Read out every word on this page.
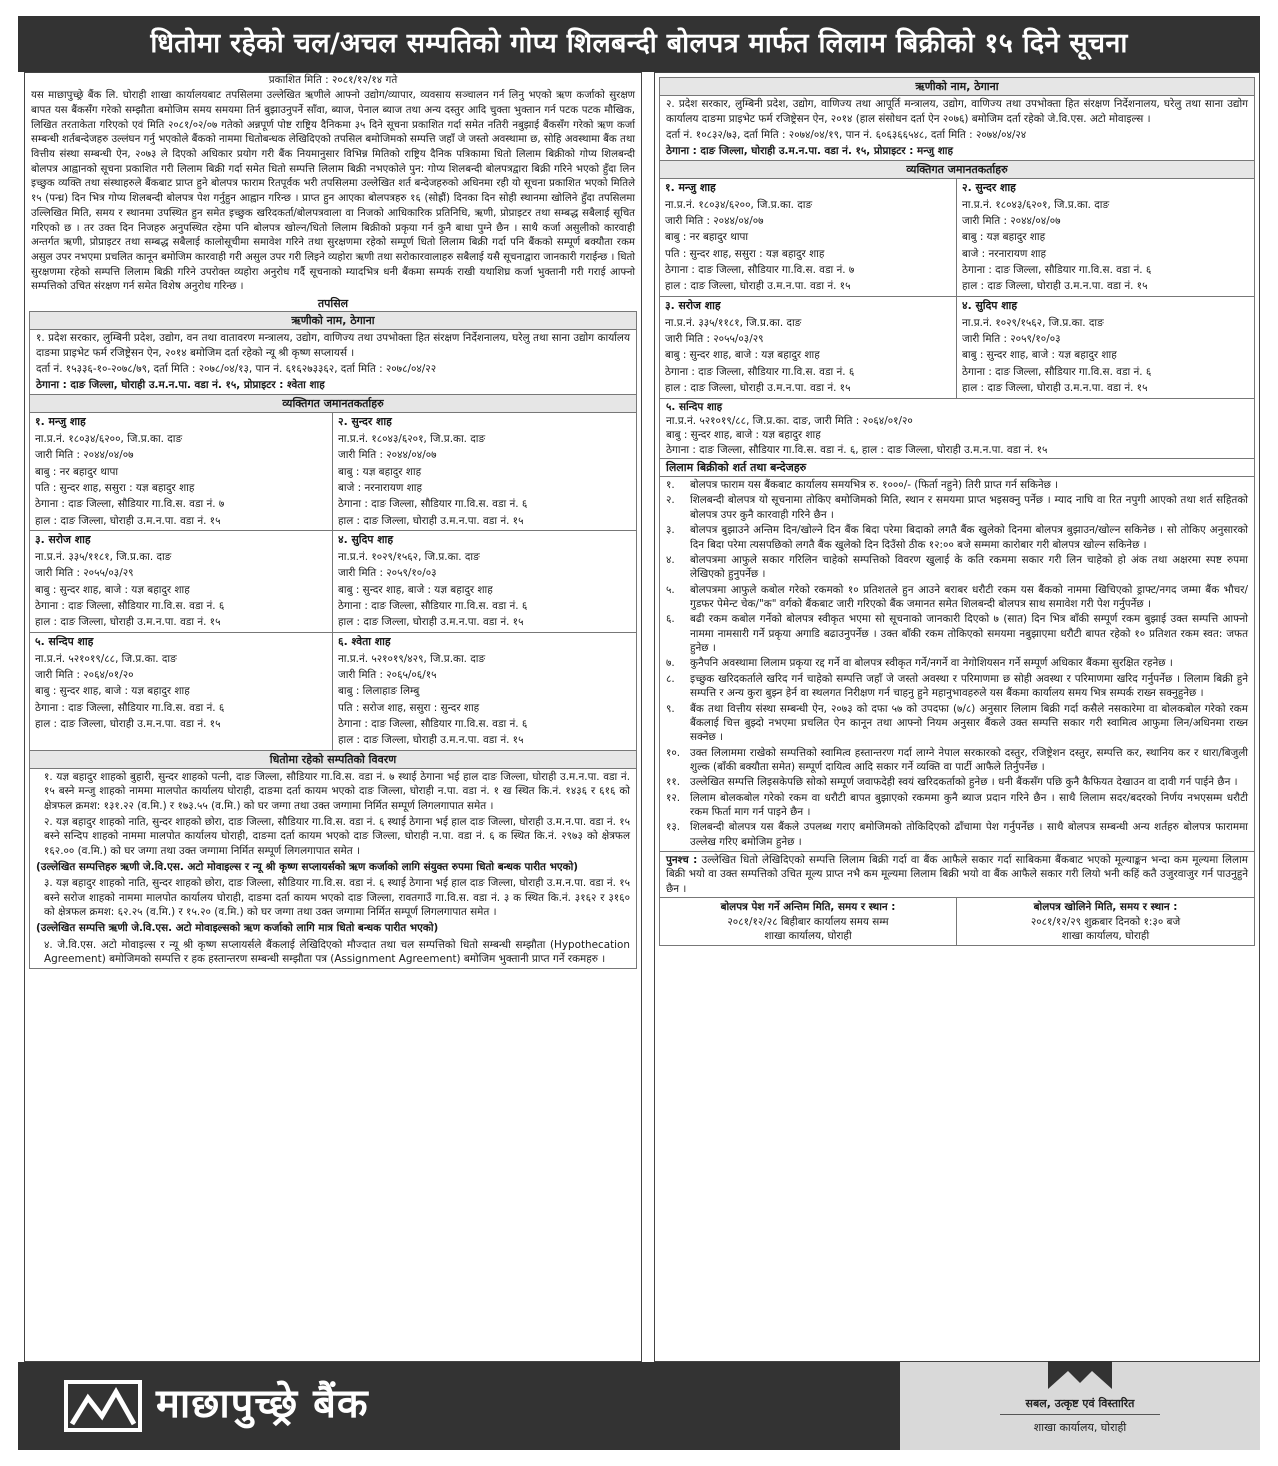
धितोमा रहेको चल/अचल सम्पतिको गोप्य शिलबन्दी बोलपत्र मार्फत लिलाम बिक्रीको १५ दिने सूचना
प्रकाशित मिति : २०८१/१२/१४ गते
यस माछापुच्छ्रे बैंक लि. घोराही शाखा कार्यालयबाट तपसिलमा उल्लेखित ऋणीले आफ्नो उद्योग/व्यापार, व्यवसाय सञ्चालन गर्न लिनु भएको ऋण कर्जाको सुरक्षण बापत यस बैंकसँग गरेको सम्झौता बमोजिम समय समयमा तिर्न बुझाउनुपर्ने साँवा, ब्याज, पेनाल ब्याज तथा अन्य दस्तुर आदि चुक्ता भुक्तान गर्न पटक पटक मौखिक, लिखित तरताकेता गरिएको एवं मिति २०८१/०२/०७ गतेको अन्नपूर्ण पोष्ट राष्ट्रिय दैनिकमा ३५ दिने सूचना प्रकाशित गर्दा समेत नतिरी नबुझाई बैंकसँग गरेको ऋण कर्जा सम्बन्धी शर्तबन्देजहरु उल्लंघन गर्नु भएकोले बैंकको नाममा धितोबन्धक लेखिदिएको तपसिल बमोजिमको सम्पत्ति जहाँ जे जस्तो अवस्थामा छ, सोहि अवस्थामा बैंक तथा वित्तीय संस्था सम्बन्धी ऐन, २०७३ ले दिएको अधिकार प्रयोग गरी बैंक नियमानुसार विभिन्न मितिको राष्ट्रिय दैनिक पत्रिकामा धितो लिलाम बिक्रीको गोप्य शिलबन्दी बोलपत्र आह्वानको सूचना प्रकाशित गरी लिलाम बिक्री गर्दा समेत धितो सम्पत्ति लिलाम बिक्री नभएकोले पुन: गोप्य शिलबन्दी बोलपत्रद्वारा बिक्री गरिने भएको हुँदा लिन इच्छुक व्यक्ति तथा संस्थाहरुले बैंकबाट प्राप्त हुने बोलपत्र फाराम रितपूर्वक भरी तपसिलमा उल्लेखित शर्त बन्देजहरुको अधिनमा रही यो सूचना प्रकाशित भएको मितिले १५ (पन्ध्र) दिन भित्र गोप्य शिलबन्दी बोलपत्र पेश गर्नुहुन आह्वान गरिन्छ । प्राप्त हुन आएका बोलपत्रहरु १६ (सोह्रौं) दिनका दिन सोही स्थानमा खोलिने हुँदा तपसिलमा उल्लिखित मिति, समय र स्थानमा उपस्थित हुन समेत इच्छुक खरिदकर्ता/बोलपत्रवाला वा निजको आधिकारिक प्रतिनिधि, ऋणी, प्रोप्राइटर तथा सम्बद्ध सबैलाई सूचित गरिएको छ । तर उक्त दिन निजहरु अनुपस्थित रहेमा पनि बोलपत्र खोल्न/धितो लिलाम बिक्रीको प्रकृया गर्न कुनै बाधा पुग्ने छैन । साथै कर्जा असुलीको कारवाही अन्तर्गत ऋणी, प्रोप्राइटर तथा सम्बद्ध सबैलाई कालोसूचीमा समावेश गरिने तथा सुरक्षणमा रहेको सम्पूर्ण धितो लिलाम बिक्री गर्दा पनि बैंकको सम्पूर्ण बक्यौता रकम असुल उपर नभएमा प्रचलित कानून बमोजिम कारवाही गरी असुल उपर गरी लिइने व्यहोरा ऋणी तथा सरोकारवालाहरु सबैलाई यसै सूचनाद्वारा जानकारी गराईन्छ । धितो सुरक्षणमा रहेको सम्पत्ति लिलाम बिक्री गरिने उपरोक्त व्यहोरा अनुरोध गर्दै सूचनाको म्यादभित्र धनी बैंकमा सम्पर्क राखी यथाशिघ्र कर्जा भुक्तानी गरी गराई आफ्नो सम्पत्तिको उचित संरक्षण गर्न समेत विशेष अनुरोध गरिन्छ ।
तपसिल
ऋणीको नाम, ठेगाना
१. प्रदेश सरकार, लुम्बिनी प्रदेश, उद्योग, वन तथा वातावरण मन्त्रालय, उद्योग, वाणिज्य तथा उपभोक्ता हित संरक्षण निर्देशनालय, घरेलु तथा साना उद्योग कार्यालय दाङमा प्राइभेट फर्म रजिष्ट्रेसन ऐन, २०१४ बमोजिम दर्ता रहेको न्यू श्री कृष्ण सप्लायर्स ।
दर्ता नं. १५३३६-१०-२०७८/७९, दर्ता मिति : २०७८/०४/१३, पान नं. ६१६२७३३६२, दर्ता मिति : २०७८/०४/२२
ठेगाना : दाङ जिल्ला, घोराही उ.म.न.पा. वडा नं. १५, प्रोप्राइटर : श्वेता शाह
व्यक्तिगत जमानतकर्ताहरु
१. मन्जु शाह
ना.प्र.नं. १८०३४/६२००, जि.प्र.का. दाङ
जारी मिति : २०४४/०४/०७
बाबु : नर बहादुर थापा
पति : सुन्दर शाह, ससुरा : यज्ञ बहादुर शाह
ठेगाना : दाङ जिल्ला, सौडियार गा.वि.स. वडा नं. ७
हाल : दाङ जिल्ला, घोराही उ.म.न.पा. वडा नं. १५
२. सुन्दर शाह
ना.प्र.नं. १८०४३/६२०१, जि.प्र.का. दाङ
जारी मिति : २०४४/०४/०७
बाबु : यज्ञ बहादुर शाह
बाजे : नरनारायण शाह
ठेगाना : दाङ जिल्ला, सौडियार गा.वि.स. वडा नं. ६
हाल : दाङ जिल्ला, घोराही उ.म.न.पा. वडा नं. १५
३. सरोज शाह
ना.प्र.नं. ३३५/११८१, जि.प्र.का. दाङ
जारी मिति : २०५५/०३/२९
बाबु : सुन्दर शाह, बाजे : यज्ञ बहादुर शाह
ठेगाना : दाङ जिल्ला, सौडियार गा.वि.स. वडा नं. ६
हाल : दाङ जिल्ला, घोराही उ.म.न.पा. वडा नं. १५
४. सुदिप शाह
ना.प्र.नं. १०२९/१५६२, जि.प्र.का. दाङ
जारी मिति : २०५९/१०/०३
बाबु : सुन्दर शाह, बाजे : यज्ञ बहादुर शाह
ठेगाना : दाङ जिल्ला, सौडियार गा.वि.स. वडा नं. ६
हाल : दाङ जिल्ला, घोराही उ.म.न.पा. वडा नं. १५
५. सन्दिप शाह
ना.प्र.नं. ५२१०१९/८८, जि.प्र.का. दाङ
जारी मिति : २०६४/०१/२०
बाबु : सुन्दर शाह, बाजे : यज्ञ बहादुर शाह
ठेगाना : दाङ जिल्ला, सौडियार गा.वि.स. वडा नं. ६
हाल : दाङ जिल्ला, घोराही उ.म.न.पा. वडा नं. १५
६. श्वेता शाह
ना.प्र.नं. ५२१०१९/४२९, जि.प्र.का. दाङ
जारी मिति : २०६५/०६/१५
बाबु : लिलाहाङ लिम्बु
पति : सरोज शाह, ससुरा : सुन्दर शाह
ठेगाना : दाङ जिल्ला, सौडियार गा.वि.स. वडा नं. ६
हाल : दाङ जिल्ला, घोराही उ.म.न.पा. वडा नं. १५
धितोमा रहेको सम्पतिको विवरण
१. यज्ञ बहादुर शाहको बुहारी, सुन्दर शाहको पत्नी, दाङ जिल्ला, सौडियार गा.वि.स. वडा नं. ७ स्थाई ठेगाना भई हाल दाङ जिल्ला, घोराही उ.म.न.पा. वडा नं. १५ बस्ने मन्जु शाहको नाममा मालपोत कार्यालय घोराही, दाङमा दर्ता कायम भएको दाङ जिल्ला, घोराही न.पा. वडा नं. १ ख स्थित कि.नं. १४३६ र ६१६ को क्षेत्रफल क्रमश: १३१.२२ (व.मि.) र १७३.५५ (व.मि.) को घर जग्गा तथा उक्त जग्गामा निर्मित सम्पूर्ण लिगलगापात समेत ।
२. यज्ञ बहादुर शाहको नाति, सुन्दर शाहको छोरा, दाङ जिल्ला, सौडियार गा.वि.स. वडा नं. ६ स्थाई ठेगाना भई हाल दाङ जिल्ला, घोराही उ.म.न.पा. वडा नं. १५ बस्ने सन्दिप शाहको नाममा मालपोत कार्यालय घोराही, दाङमा दर्ता कायम भएको दाङ जिल्ला, घोराही न.पा. वडा नं. ६ क स्थित कि.नं. २९७३ को क्षेत्रफल १६२.०० (व.मि.) को घर जग्गा तथा उक्त जग्गामा निर्मित सम्पूर्ण लिगलगापात समेत ।
(उल्लेखित सम्पत्तिहरु ऋणी जे.वि.एस. अटो मोवाइल्स र न्यू श्री कृष्ण सप्लायर्सको ऋण कर्जाको लागि संयुक्त रुपमा धितो बन्धक पारीत भएको)
३. यज्ञ बहादुर शाहको नाति, सुन्दर शाहको छोरा, दाङ जिल्ला, सौडियार गा.वि.स. वडा नं. ६ स्थाई ठेगाना भई हाल दाङ जिल्ला, घोराही उ.म.न.पा. वडा नं. १५ बस्ने सरोज शाहको नाममा मालपोत कार्यालय घोराही, दाङमा दर्ता कायम भएको दाङ जिल्ला, रावतगाउँ गा.वि.स. वडा नं. ३ क स्थित कि.नं. ३१६२ र ३१६० को क्षेत्रफल क्रमश: ६२.२५ (व.मि.) र १५.२० (व.मि.) को घर जग्गा तथा उक्त जग्गामा निर्मित सम्पूर्ण लिगलगापात समेत ।
(उल्लेखित सम्पत्ति ऋणी जे.वि.एस. अटो मोवाइल्सको ऋण कर्जाको लागि मात्र धितो बन्धक पारीत भएको)
४. जे.वि.एस. अटो मोवाइल्स र न्यू श्री कृष्ण सप्लायर्सले बैंकलाई लेखिदिएको मौज्दात तथा चल सम्पत्तिको धितो सम्बन्धी सम्झौता (Hypothecation Agreement) बमोजिमको सम्पत्ति र हक हस्तान्तरण सम्बन्धी सम्झौता पत्र (Assignment Agreement) बमोजिम भुक्तानी प्राप्त गर्ने रकमहरु ।
ऋणीको नाम, ठेगाना
२. प्रदेश सरकार, लुम्बिनी प्रदेश, उद्योग, वाणिज्य तथा आपूर्ति मन्त्रालय, उद्योग, वाणिज्य तथा उपभोक्ता हित संरक्षण निर्देशनालय, घरेलु तथा साना उद्योग कार्यालय दाङमा प्राइभेट फर्म रजिष्ट्रेसन ऐन, २०१४ (हाल संसोधन दर्ता ऐन २०७६) बमोजिम दर्ता रहेको जे.वि.एस. अटो मोवाइल्स ।
दर्ता नं. १०८३२/७३, दर्ता मिति : २०७४/०४/१९, पान नं. ६०६३६६५४८, दर्ता मिति : २०७४/०४/२४
ठेगाना : दाङ जिल्ला, घोराही उ.म.न.पा. वडा नं. १५, प्रोप्राइटर : मन्जु शाह
व्यक्तिगत जमानतकर्ताहरु
१. मन्जु शाह
ना.प्र.नं. १८०३४/६२००, जि.प्र.का. दाङ
जारी मिति : २०४४/०४/०७
बाबु : नर बहादुर थापा
पति : सुन्दर शाह, ससुरा : यज्ञ बहादुर शाह
ठेगाना : दाङ जिल्ला, सौडियार गा.वि.स. वडा नं. ७
हाल : दाङ जिल्ला, घोराही उ.म.न.पा. वडा नं. १५
२. सुन्दर शाह
ना.प्र.नं. १८०४३/६२०१, जि.प्र.का. दाङ
जारी मिति : २०४४/०४/०७
बाबु : यज्ञ बहादुर शाह
बाजे : नरनारायण शाह
ठेगाना : दाङ जिल्ला, सौडियार गा.वि.स. वडा नं. ६
हाल : दाङ जिल्ला, घोराही उ.म.न.पा. वडा नं. १५
३. सरोज शाह
ना.प्र.नं. ३३५/११८१, जि.प्र.का. दाङ
जारी मिति : २०५५/०३/२९
बाबु : सुन्दर शाह, बाजे : यज्ञ बहादुर शाह
ठेगाना : दाङ जिल्ला, सौडियार गा.वि.स. वडा नं. ६
हाल : दाङ जिल्ला, घोराही उ.म.न.पा. वडा नं. १५
४. सुदिप शाह
ना.प्र.नं. १०२९/१५६२, जि.प्र.का. दाङ
जारी मिति : २०५९/१०/०३
बाबु : सुन्दर शाह, बाजे : यज्ञ बहादुर शाह
ठेगाना : दाङ जिल्ला, सौडियार गा.वि.स. वडा नं. ६
हाल : दाङ जिल्ला, घोराही उ.म.न.पा. वडा नं. १५
५. सन्दिप शाह
ना.प्र.नं. ५२१०१९/८८, जि.प्र.का. दाङ, जारी मिति : २०६४/०१/२०
बाबु : सुन्दर शाह, बाजे : यज्ञ बहादुर शाह
ठेगाना : दाङ जिल्ला, सौडियार गा.वि.स. वडा नं. ६, हाल : दाङ जिल्ला, घोराही उ.म.न.पा. वडा नं. १५
लिलाम बिक्रीको शर्त तथा बन्देजहरु
१.	बोलपत्र फाराम यस बैंकबाट कार्यालय समयभित्र रु. १०००/- (फिर्ता नहुने) तिरी प्राप्त गर्न सकिनेछ ।
२.	शिलबन्दी बोलपत्र यो सूचनामा तोकिए बमोजिमको मिति, स्थान र समयमा प्राप्त भइसक्नु पर्नेछ । म्याद नाघि वा रित नपुगी आएको तथा शर्त सहितको बोलपत्र उपर कुनै कारवाही गरिने छैन ।
३.	बोलपत्र बुझाउने अन्तिम दिन/खोल्ने दिन बैंक बिदा परेमा बिदाको लगतै बैंक खुलेको दिनमा बोलपत्र बुझाउन/खोल्न सकिनेछ । सो तोकिए अनुसारको दिन बिदा परेमा त्यसपछिको लगतै बैंक खुलेको दिन दिउँसो ठीक १२:०० बजे सम्ममा कारोबार गरी बोलपत्र खोल्न सकिनेछ ।
४.	बोलपत्रमा आफुले सकार गरिलिन चाहेको सम्पत्तिको विवरण खुलाई के कति रकममा सकार गरी लिन चाहेको हो अंक तथा अक्षरमा स्पष्ट रुपमा लेखिएको हुनुपर्नेछ ।
५.	बोलपत्रमा आफुले कबोल गरेको रकमको १० प्रतिशतले हुन आउने बराबर धरौटी रकम यस बैंकको नाममा खिचिएको ड्राफ्ट/नगद जम्मा बैंक भौचर/गुडफर पेमेन्ट चेक/"क" वर्गको बैंकबाट जारी गरिएको बैंक जमानत समेत शिलबन्दी बोलपत्र साथ समावेश गरी पेश गर्नुपर्नेछ ।
६.	बढी रकम कबोल गर्नेको बोलपत्र स्वीकृत भएमा सो सूचनाको जानकारी दिएको ७ (सात) दिन भित्र बाँकी सम्पूर्ण रकम बुझाई उक्त सम्पत्ति आफ्नो नाममा नामसारी गर्ने प्रकृया अगाडि बढाउनुपर्नेछ । उक्त बाँकी रकम तोकिएको समयमा नबुझाएमा धरौटी बापत रहेको १० प्रतिशत रकम स्वत: जफत हुनेछ ।
७.	कुनैपनि अवस्थामा लिलाम प्रकृया रद्द गर्ने वा बोलपत्र स्वीकृत गर्ने/नगर्ने वा नेगोशियसन गर्ने सम्पूर्ण अधिकार बैंकमा सुरक्षित रहनेछ ।
८.	इच्छुक खरिदकर्ताले खरिद गर्न चाहेको सम्पत्ति जहाँ जे जस्तो अवस्था र परिमाणमा छ सोही अवस्था र परिमाणमा खरिद गर्नुपर्नेछ । लिलाम बिक्री हुने सम्पत्ति र अन्य कुरा बुझ्न हेर्न वा स्थलगत निरीक्षण गर्न चाहनु हुने महानुभावहरुले यस बैंकमा कार्यालय समय भित्र सम्पर्क राख्न सक्नुहुनेछ ।
९.	बैंक तथा वित्तीय संस्था सम्बन्धी ऐन, २०७३ को दफा ५७ को उपदफा (७/८) अनुसार लिलाम बिक्री गर्दा कसैले नसकारेमा वा बोलकबोल गरेको रकम बैंकलाई चित्त बुझ्दो नभएमा प्रचलित ऐन कानून तथा आफ्नो नियम अनुसार बैंकले उक्त सम्पत्ति सकार गरी स्वामित्व आफुमा लिन/अधिनमा राख्न सक्नेछ ।
१०. उक्त लिलाममा राखेको सम्पत्तिको स्वामित्व हस्तान्तरण गर्दा लाग्ने नेपाल सरकारको दस्तुर, रजिष्ट्रेशन दस्तुर, सम्पत्ति कर, स्थानिय कर र धारा/बिजुली शुल्क (बाँकी बक्यौता समेत) सम्पूर्ण दायित्व आदि सकार गर्ने व्यक्ति वा पार्टी आफैले तिर्नुपर्नेछ ।
११. उल्लेखित सम्पत्ति लिइसकेपछि सोको सम्पूर्ण जवाफदेही स्वयं खरिदकर्ताको हुनेछ । धनी बैंकसँग पछि कुनै कैफियत देखाउन वा दावी गर्न पाईने छैन ।
१२. लिलाम बोलकबोल गरेको रकम वा धरौटी बापत बुझाएको रकममा कुनै ब्याज प्रदान गरिने छैन । साथै लिलाम सदर/बदरको निर्णय नभएसम्म धरौटी रकम फिर्ता माग गर्न पाइने छैन ।
१३. शिलबन्दी बोलपत्र यस बैंकले उपलब्ध गराए बमोजिमको तोकिदिएको ढाँचामा पेश गर्नुपर्नेछ । साथै बोलपत्र सम्बन्धी अन्य शर्तहरु बोलपत्र फाराममा उल्लेख गरिए बमोजिम हुनेछ ।
पुनश्च : उल्लेखित धितो लेखिदिएको सम्पत्ति लिलाम बिक्री गर्दा वा बैंक आफैले सकार गर्दा साबिकमा बैंकबाट भएको मूल्याङ्कन भन्दा कम मूल्यमा लिलाम बिक्री भयो वा उक्त सम्पत्तिको उचित मूल्य प्राप्त नभै कम मूल्यमा लिलाम बिक्री भयो वा बैंक आफैले सकार गरी लियो भनी कहिं कतै उजुरवाजुर गर्न पाउनुहुने छैन ।
बोलपत्र पेश गर्ने अन्तिम मिति, समय र स्थान :
२०८१/१२/२८ बिहीबार कार्यालय समय सम्म
शाखा कार्यालय, घोराही
बोलपत्र खोलिने मिति, समय र स्थान :
२०८१/१२/२९ शुक्रबार दिनको १:३० बजे
शाखा कार्यालय, घोराही
माछापुच्छ्रे बैंक	सबल, उत्कृष्ट एवं विस्तारित
शाखा कार्यालय, घोराही
